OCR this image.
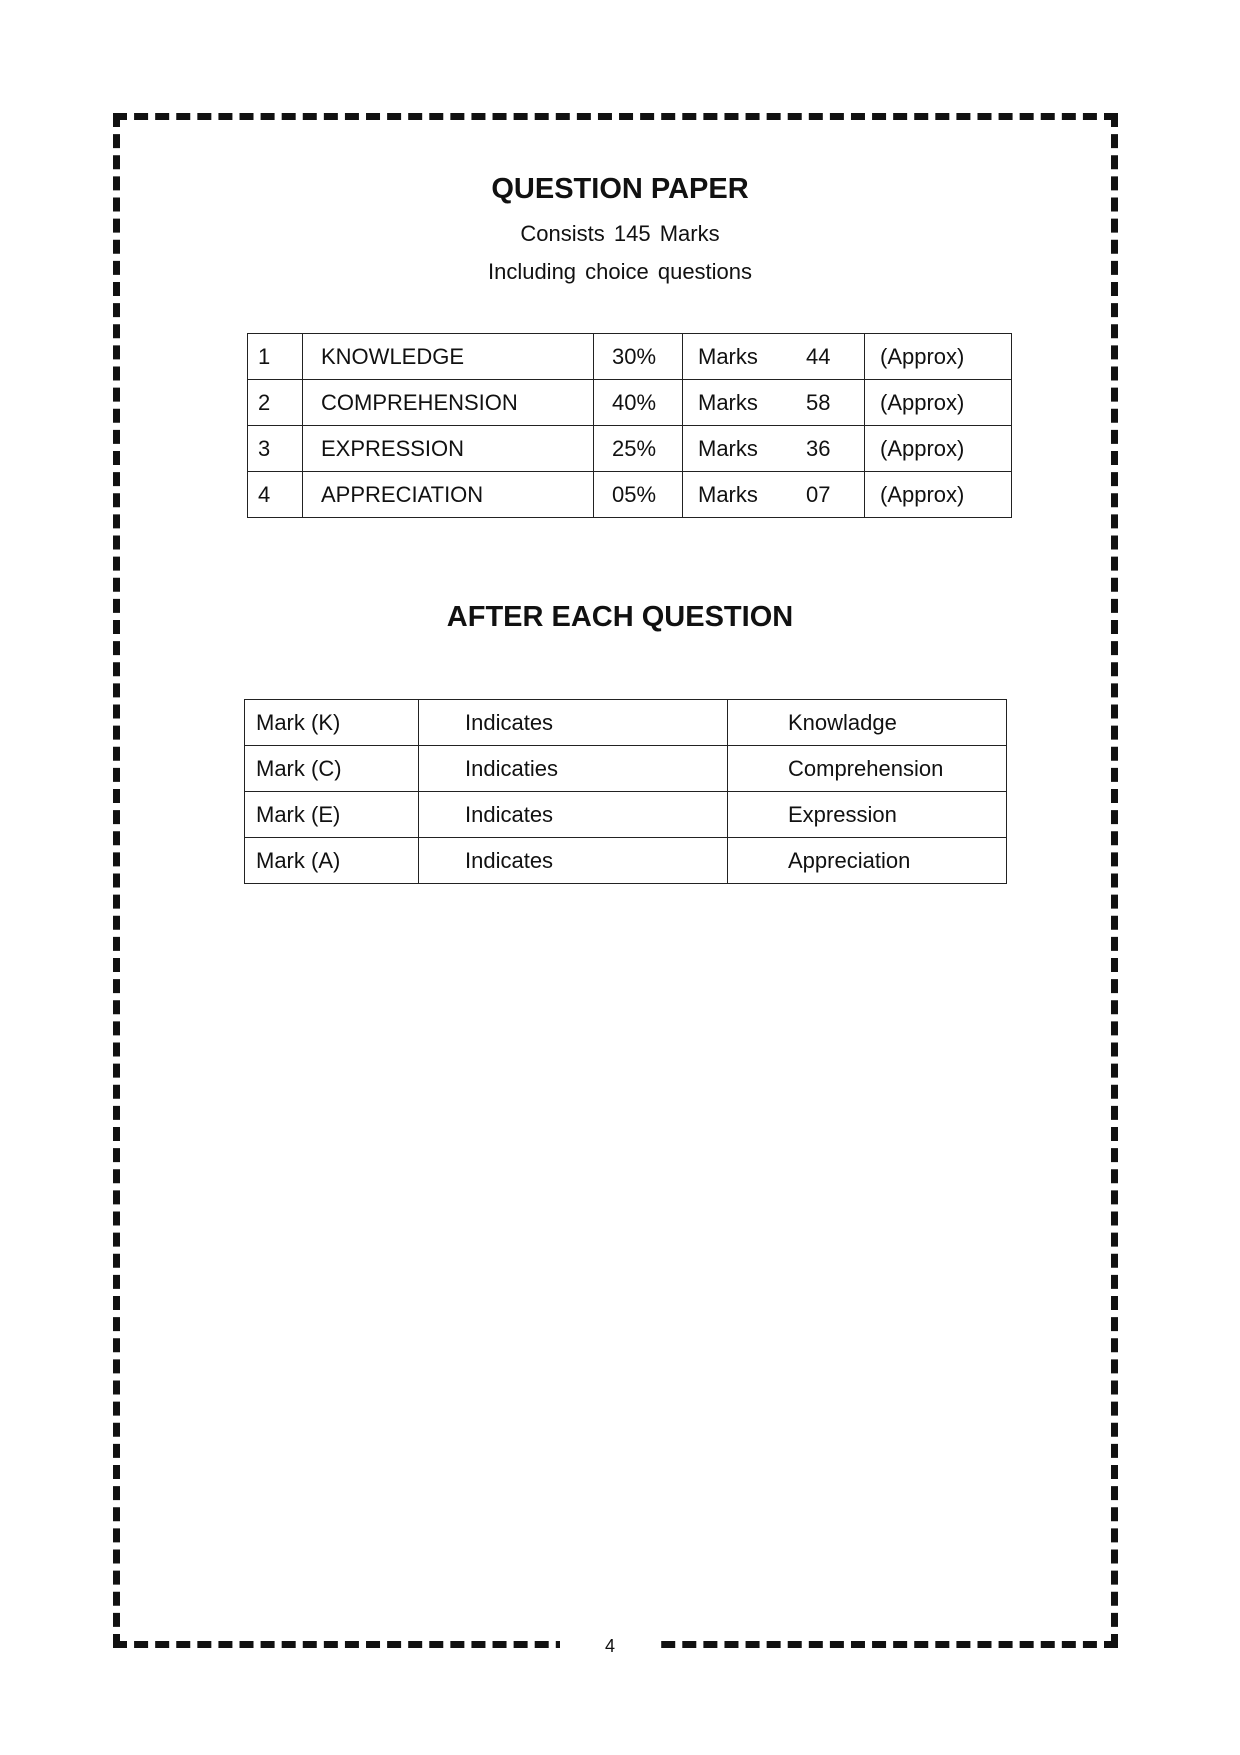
4
QUESTION PAPER
Consists 145 Marks
Including choice questions
1	KNOWLEDGE	30%	Marks 44	(Approx)
2	COMPREHENSION	40%	Marks 58	(Approx)
3	EXPRESSION	25%	Marks 36	(Approx)
4	APPRECIATION	05%	Marks 07	(Approx)
AFTER EACH QUESTION
Mark (K)	Indicates	Knowladge
Mark (C)	Indicaties	Comprehension
Mark (E)	Indicates	Expression
Mark (A)	Indicates	Appreciation
